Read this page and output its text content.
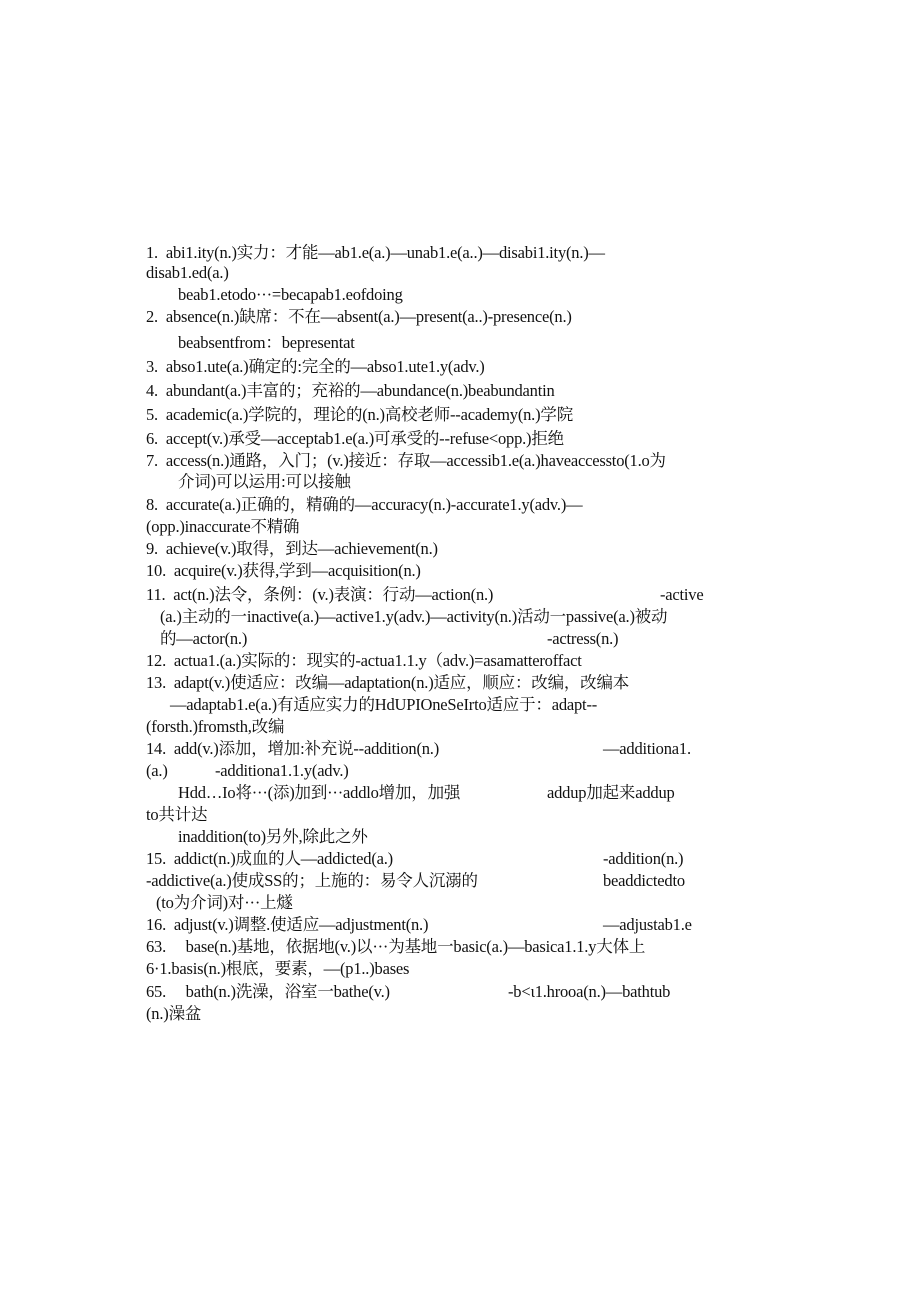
1.  abi1.ity(n.)实力：才能—ab1.e(a.)—unab1.e(a..)—disabi1.ity(n.)—
disab1.ed(a.)
beab1.etodo···=becapab1.eofdoing
2.  absence(n.)缺席：不在—absent(a.)—present(a..)-presence(n.)
beabsentfrom：bepresentat
3.  abso1.ute(a.)确定的:完全的—abso1.ute1.y(adv.)
4.  abundant(a.)丰富的；充裕的—abundance(n.)beabundantin
5.  academic(a.)学院的，理论的(n.)高校老师--academy(n.)学院
6.  accept(v.)承受—acceptab1.e(a.)可承受的--refuse<opp.)拒绝
7.  access(n.)通路，入门；(v.)接近：存取—accessib1.e(a.)haveaccessto(1.o为
介词)可以运用:可以接触
8.  accurate(a.)正确的，精确的—accuracy(n.)-accurate1.y(adv.)—
(opp.)inaccurate不精确
9.  achieve(v.)取得，到达—achievement(n.)
10.  acquire(v.)获得,学到—acquisition(n.)
11.  act(n.)法令，条例：(v.)表演：行动—action(n.)	-active
(a.)主动的一inactive(a.)—active1.y(adv.)—activity(n.)活动一passive(a.)被动
的—actor(n.)	-actress(n.)
12.  actua1.(a.)实际的：现实的-actua1.1.y（adv.)=asamatteroffact
13.  adapt(v.)使适应：改编—adaptation(n.)适应，顺应：改编，改编本
—adaptab1.e(a.)有适应实力的HdUPIOneSeIrto适应于：adapt--
(forsth.)fromsth,改编
14.  add(v.)添加，增加:补充说--addition(n.)	—additiona1.
(a.)	-additiona1.1.y(adv.)
Hdd…Io将···(添)加到···addlo增加，加强	addup加起来addup
to共计达
inaddition(to)另外,除此之外
15.  addict(n.)成血的人—addicted(a.)	-addition(n.)
-addictive(a.)使成SS的；上施的：易令人沉溺的	beaddictedto
(to为介词)对···上燧
16.  adjust(v.)调整.使适应—adjustment(n.)	—adjustab1.e
63.     base(n.)基地，依据地(v.)以···为基地一basic(a.)—basica1.1.y大体上
6·1.basis(n.)根底，要素，—(p1..)bases
65.     bath(n.)洗澡，浴室一bathe(v.)	-b<ι1.hrooa(n.)—bathtub
(n.)澡盆
